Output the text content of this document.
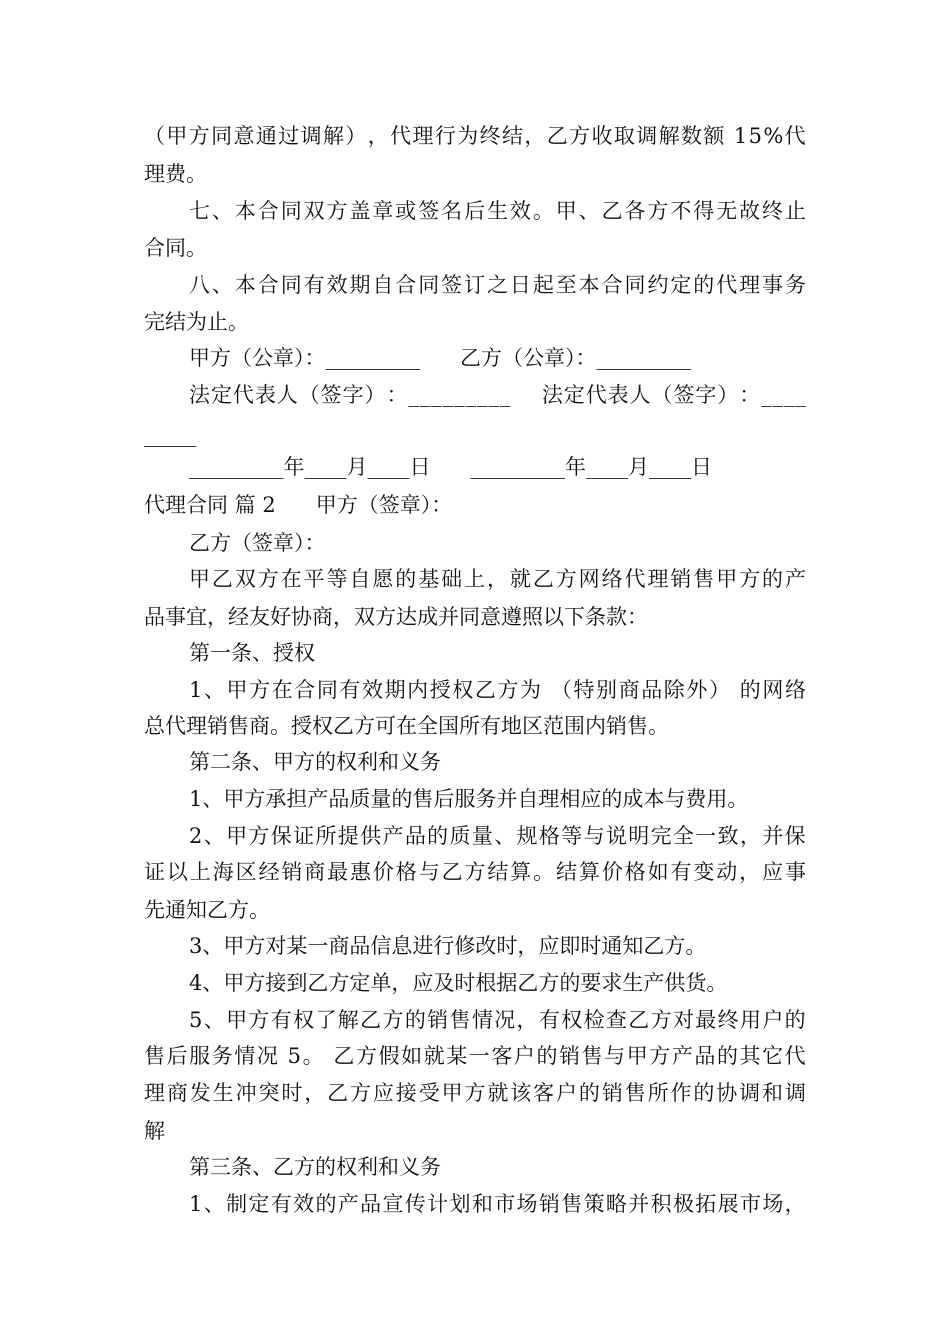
（ 甲 方 同 意 通 过 调 解 ） ， 代 理 行 为 终 结 ， 乙 方 收 取 调 解 数 额
1 5 % 代

理费。

七 、 本 合 同 双 方 盖 章 或 签 名 后 生 效 。 甲 、 乙 各 方 不 得 无 故 终 止

合同。

八 、 本 合 同 有 效 期 自 合 同 签 订 之 日 起 至 本 合 同 约 定 的 代 理 事 务

完结为止。

甲方（公章）：_________      乙方（公章）：_________

法 定 代 表 人 （ 签 字 ） ： _ _ _ _ _ _ _ _ _

法 定 代 表 人 （ 签 字 ） ： _ _ _ _

_____

_________年____月____日      _________年____月____日

代理合同 篇 2      甲方（签章）：

乙方（签章）：

甲 乙 双 方 在 平 等 自 愿 的 基 础 上 ， 就 乙 方 网 络 代 理 销 售 甲 方 的 产

品事宜，经友好协商，双方达成并同意遵照以下条款：

第一条、授权

1 、 甲 方 在 合 同 有 效 期 内 授 权 乙 方 为
（ 特 别 商 品 除 外 ）
的 网 络

总代理销售商。授权乙方可在全国所有地区范围内销售。

第二条、甲方的权利和义务

1、甲方承担产品质量的售后服务并自理相应的成本与费用。

2 、 甲 方 保 证 所 提 供 产 品 的 质 量 、 规 格 等 与 说 明 完 全 一 致 ， 并 保

证 以 上 海 区 经 销 商 最 惠 价 格 与 乙 方 结 算 。 结 算 价 格 如 有 变 动 ， 应 事

先通知乙方。

3、甲方对某一商品信息进行修改时，应即时通知乙方。

4、甲方接到乙方定单，应及时根据乙方的要求生产供货。

5 、 甲 方 有 权 了 解 乙 方 的 销 售 情 况 ， 有 权 检 查 乙 方 对 最 终 用 户 的

售 后 服 务 情 况
5 。
乙 方 假 如 就 某 一 客 户 的 销 售 与 甲 方 产 品 的 其 它 代

理 商 发 生 冲 突 时 ， 乙 方 应 接 受 甲 方 就 该 客 户 的 销 售 所 作 的 协 调 和 调

解

第三条、乙方的权利和义务

1 、 制 定 有 效 的 产 品 宣 传 计 划 和 市 场 销 售 策 略 并 积 极 拓 展 市 场 ，
